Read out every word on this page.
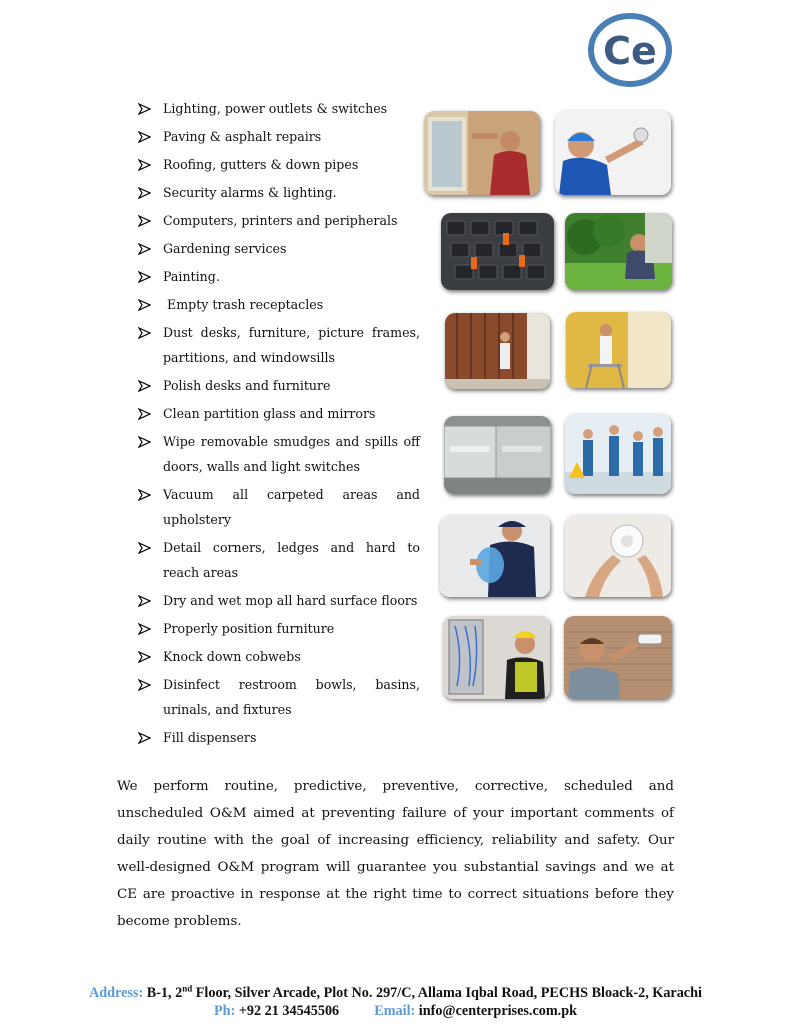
Ce
Lighting, power outlets & switches
Paving & asphalt repairs
Roofing, gutters & down pipes
Security alarms & lighting.
Computers, printers and peripherals
Gardening services
Painting.
Empty trash receptacles
Dust desks, furniture, picture frames, partitions, and windowsills
Polish desks and furniture
Clean partition glass and mirrors
Wipe removable smudges and spills off doors, walls and light switches
Vacuum all carpeted areas and upholstery
Detail corners, ledges and hard to reach areas
Dry and wet mop all hard surface floors
Properly position furniture
Knock down cobwebs
Disinfect restroom bowls, basins, urinals, and fixtures
Fill dispensers

We perform routine, predictive, preventive, corrective, scheduled and unscheduled O&M aimed at preventing failure of your important comments of daily routine with the goal of increasing efficiency, reliability and safety. Our well-designed O&M program will guarantee you substantial savings and we at CE are proactive in response at the right time to correct situations before they become problems.

Address: B-1, 2nd Floor, Silver Arcade, Plot No. 297/C, Allama Iqbal Road, PECHS Bloack-2, Karachi
Ph: +92 21 34545506 Email: info@centerprises.com.pk
